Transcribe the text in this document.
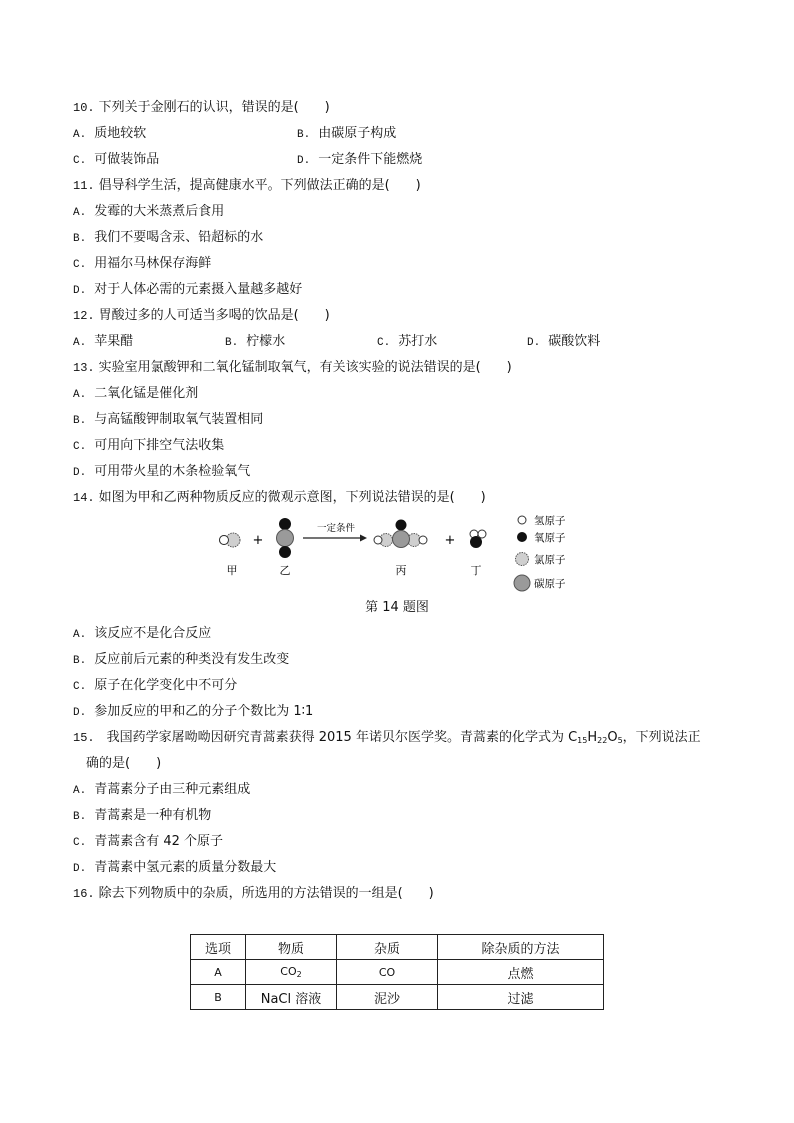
10. 下列关于金刚石的认识，错误的是(　　)
A. 质地较软	B. 由碳原子构成
C. 可做装饰品	D. 一定条件下能燃烧
11. 倡导科学生活，提高健康水平。下列做法正确的是(　　)
A. 发霉的大米蒸煮后食用
B. 我们不要喝含汞、铅超标的水
C. 用福尔马林保存海鲜
D. 对于人体必需的元素摄入量越多越好
12. 胃酸过多的人可适当多喝的饮品是(　　)
A. 苹果醋	B. 柠檬水	C. 苏打水	D. 碳酸饮料
13. 实验室用氯酸钾和二氧化锰制取氧气，有关该实验的说法错误的是(　　)
A. 二氧化锰是催化剂
B. 与高锰酸钾制取氧气装置相同
C. 可用向下排空气法收集
D. 可用带火星的木条检验氧气
14. 如图为甲和乙两种物质反应的微观示意图，下列说法错误的是(　　)
+
一定条件
+
甲	乙	丙	丁
氢原子
氧原子
氯原子
碳原子
第 14 题图
A. 该反应不是化合反应
B. 反应前后元素的种类没有发生改变
C. 原子在化学变化中不可分
D. 参加反应的甲和乙的分子个数比为 1∶1
15. 我国药学家屠呦呦因研究青蒿素获得 2015 年诺贝尔医学奖。青蒿素的化学式为 $C_{15}H_{22}O_5$，下列说法正
确的是(　　)
A. 青蒿素分子由三种元素组成
B. 青蒿素是一种有机物
C. 青蒿素含有 42 个原子
D. 青蒿素中氢元素的质量分数最大
16. 除去下列物质中的杂质，所选用的方法错误的一组是(　　)
选项	物质	杂质	除杂质的方法
A	$CO_2$	CO	点燃
B	NaCl 溶液	泥沙	过滤
